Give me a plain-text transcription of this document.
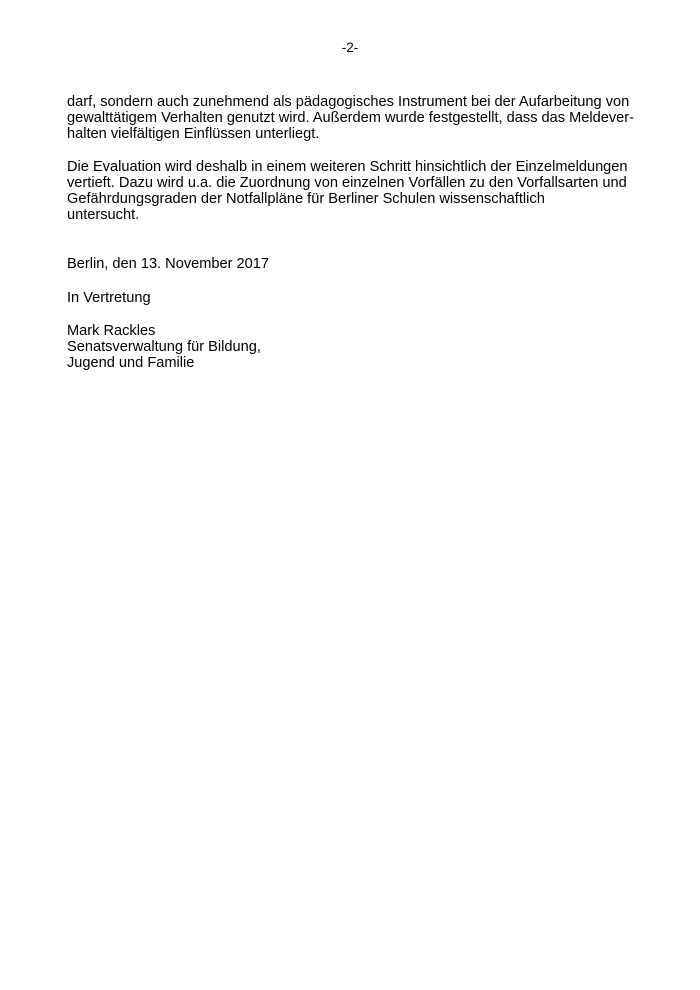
-2-

darf, sondern auch zunehmend als pädagogisches Instrument bei der Aufarbeitung von
gewalttätigem Verhalten genutzt wird. Außerdem wurde festgestellt, dass das Meldever-
halten vielfältigen Einflüssen unterliegt.

Die Evaluation wird deshalb in einem weiteren Schritt hinsichtlich der Einzelmeldungen
vertieft. Dazu wird u.a. die Zuordnung von einzelnen Vorfällen zu den Vorfallsarten und
Gefährdungsgraden der Notfallpläne für Berliner Schulen wissenschaftlich
untersucht.

Berlin, den 13. November 2017

In Vertretung

Mark Rackles
Senatsverwaltung für Bildung,
Jugend und Familie
